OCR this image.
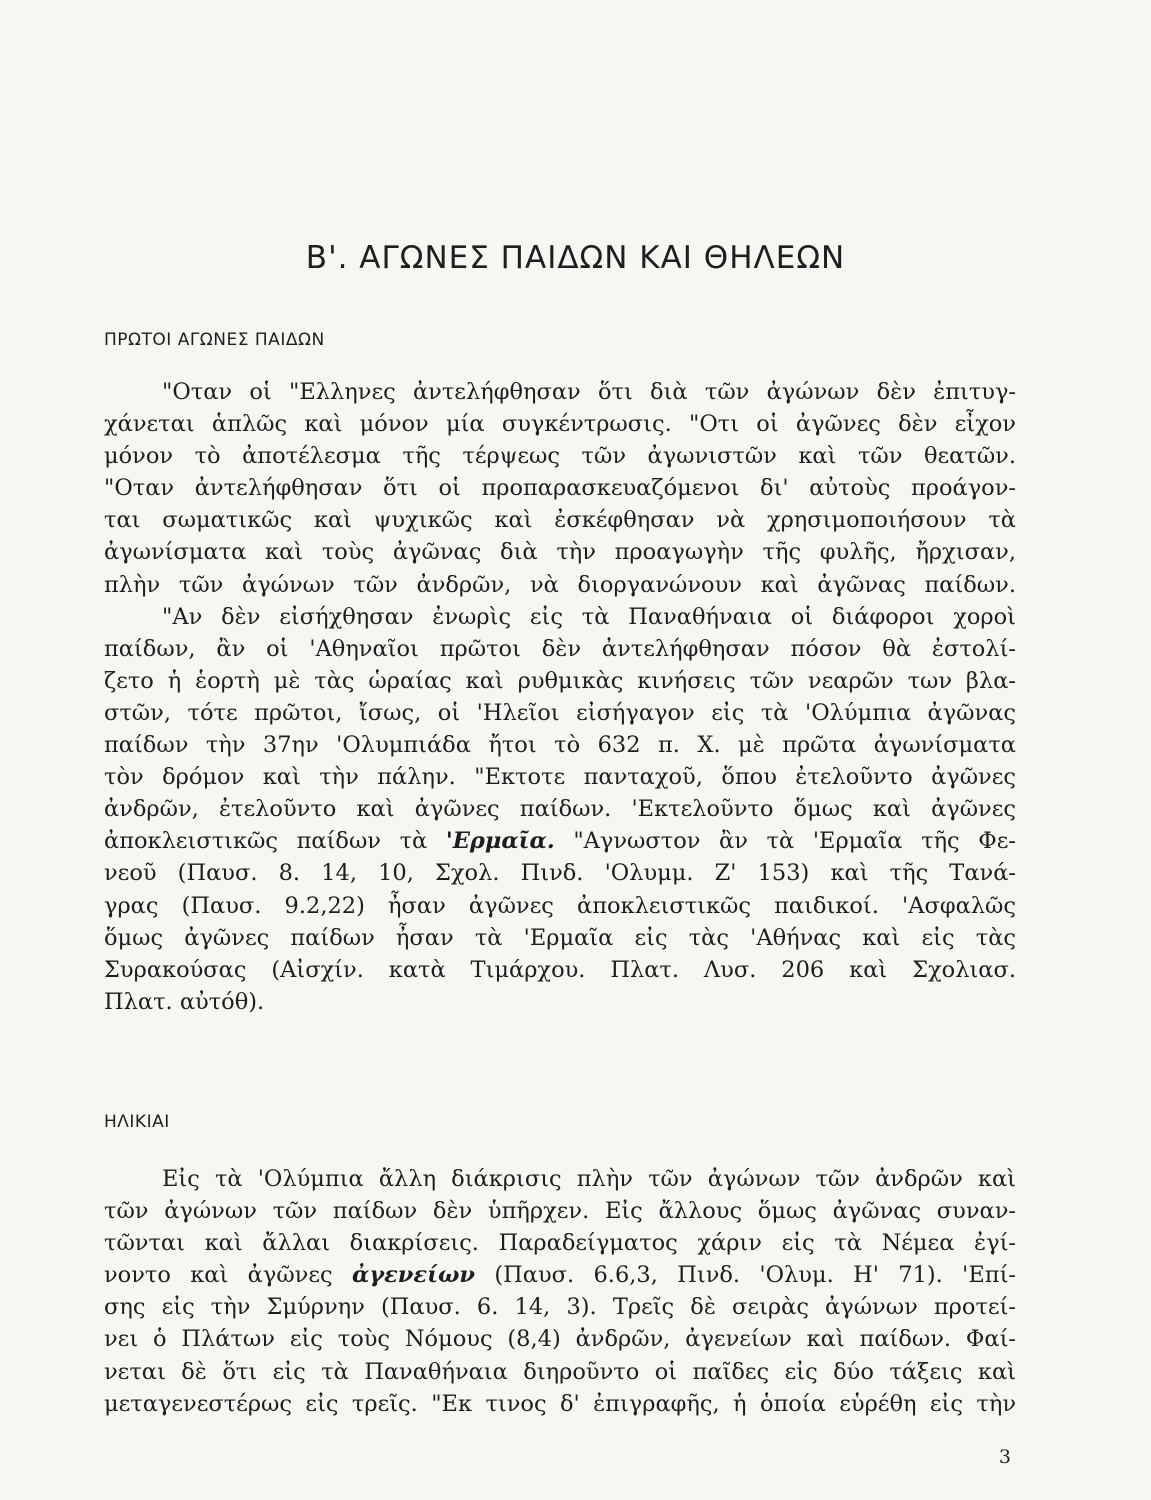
Β'. ΑΓΩΝΕΣ ΠΑΙΔΩΝ ΚΑΙ ΘΗΛΕΩΝ
ΠΡΩΤΟΙ ΑΓΩΝΕΣ ΠΑΙΔΩΝ
"Οταν οἱ "Ελληνες ἀντελήφθησαν ὅτι διὰ τῶν ἀγώνων δὲν ἐπιτυγ-
χάνεται ἁπλῶς καὶ μόνον μία συγκέντρωσις. "Οτι οἱ ἀγῶνες δὲν εἶχον
μόνον τὸ ἀποτέλεσμα τῆς τέρψεως τῶν ἀγωνιστῶν καὶ τῶν θεατῶν.
"Οταν ἀντελήφθησαν ὅτι οἱ προπαρασκευαζόμενοι δι' αὐτοὺς προάγον-
ται σωματικῶς καὶ ψυχικῶς καὶ ἐσκέφθησαν νὰ χρησιμοποιήσουν τὰ
ἀγωνίσματα καὶ τοὺς ἀγῶνας διὰ τὴν προαγωγὴν τῆς φυλῆς, ἤρχισαν,
πλὴν τῶν ἀγώνων τῶν ἀνδρῶν, νὰ διοργανώνουν καὶ ἀγῶνας παίδων.
"Αν δὲν εἰσήχθησαν ἐνωρὶς εἰς τὰ Παναθήναια οἱ διάφοροι χοροὶ
παίδων, ἂν οἱ 'Αθηναῖοι πρῶτοι δὲν ἀντελήφθησαν πόσον θὰ ἐστολί-
ζετο ἡ ἑορτὴ μὲ τὰς ὡραίας καὶ ρυθμικὰς κινήσεις τῶν νεαρῶν των βλα-
στῶν, τότε πρῶτοι, ἴσως, οἱ 'Ηλεῖοι εἰσήγαγον εἰς τὰ 'Ολύμπια ἀγῶνας
παίδων τὴν 37ην 'Ολυμπιάδα ἤτοι τὸ 632 π. Χ. μὲ πρῶτα ἀγωνίσματα
τὸν δρόμον καὶ τὴν πάλην. "Εκτοτε πανταχοῦ, ὅπου ἐτελοῦντο ἀγῶνες
ἀνδρῶν, ἐτελοῦντο καὶ ἀγῶνες παίδων. 'Εκτελοῦντο ὅμως καὶ ἀγῶνες
ἀποκλειστικῶς παίδων τὰ 'Ερμαῖα. "Αγνωστον ἂν τὰ 'Ερμαῖα τῆς Φε-
νεοῦ (Παυσ. 8. 14, 10, Σχολ. Πινδ. 'Ολυμμ. Ζ' 153) καὶ τῆς Τανά-
γρας (Παυσ. 9.2,22) ἦσαν ἀγῶνες ἀποκλειστικῶς παιδικοί. 'Ασφαλῶς
ὅμως ἀγῶνες παίδων ἦσαν τὰ 'Ερμαῖα εἰς τὰς 'Αθήνας καὶ εἰς τὰς
Συρακούσας (Αἰσχίν. κατὰ Τιμάρχου. Πλατ. Λυσ. 206 καὶ Σχολιασ.
Πλατ. αὐτόθ).
ΗΛΙΚΙΑΙ
Εἰς τὰ 'Ολύμπια ἄλλη διάκρισις πλὴν τῶν ἀγώνων τῶν ἀνδρῶν καὶ
τῶν ἀγώνων τῶν παίδων δὲν ὑπῆρχεν. Εἰς ἄλλους ὅμως ἀγῶνας συναν-
τῶνται καὶ ἄλλαι διακρίσεις. Παραδείγματος χάριν εἰς τὰ Νέμεα ἐγί-
νοντο καὶ ἀγῶνες ἀγενείων (Παυσ. 6.6,3, Πινδ. 'Ολυμ. Η' 71). 'Επί-
σης εἰς τὴν Σμύρνην (Παυσ. 6. 14, 3). Τρεῖς δὲ σειρὰς ἀγώνων προτεί-
νει ὁ Πλάτων εἰς τοὺς Νόμους (8,4) ἀνδρῶν, ἀγενείων καὶ παίδων. Φαί-
νεται δὲ ὅτι εἰς τὰ Παναθήναια διηροῦντο οἱ παῖδες εἰς δύο τάξεις καὶ
μεταγενεστέρως εἰς τρεῖς. "Εκ τινος δ' ἐπιγραφῆς, ἡ ὁποία εὑρέθη εἰς τὴν
3
